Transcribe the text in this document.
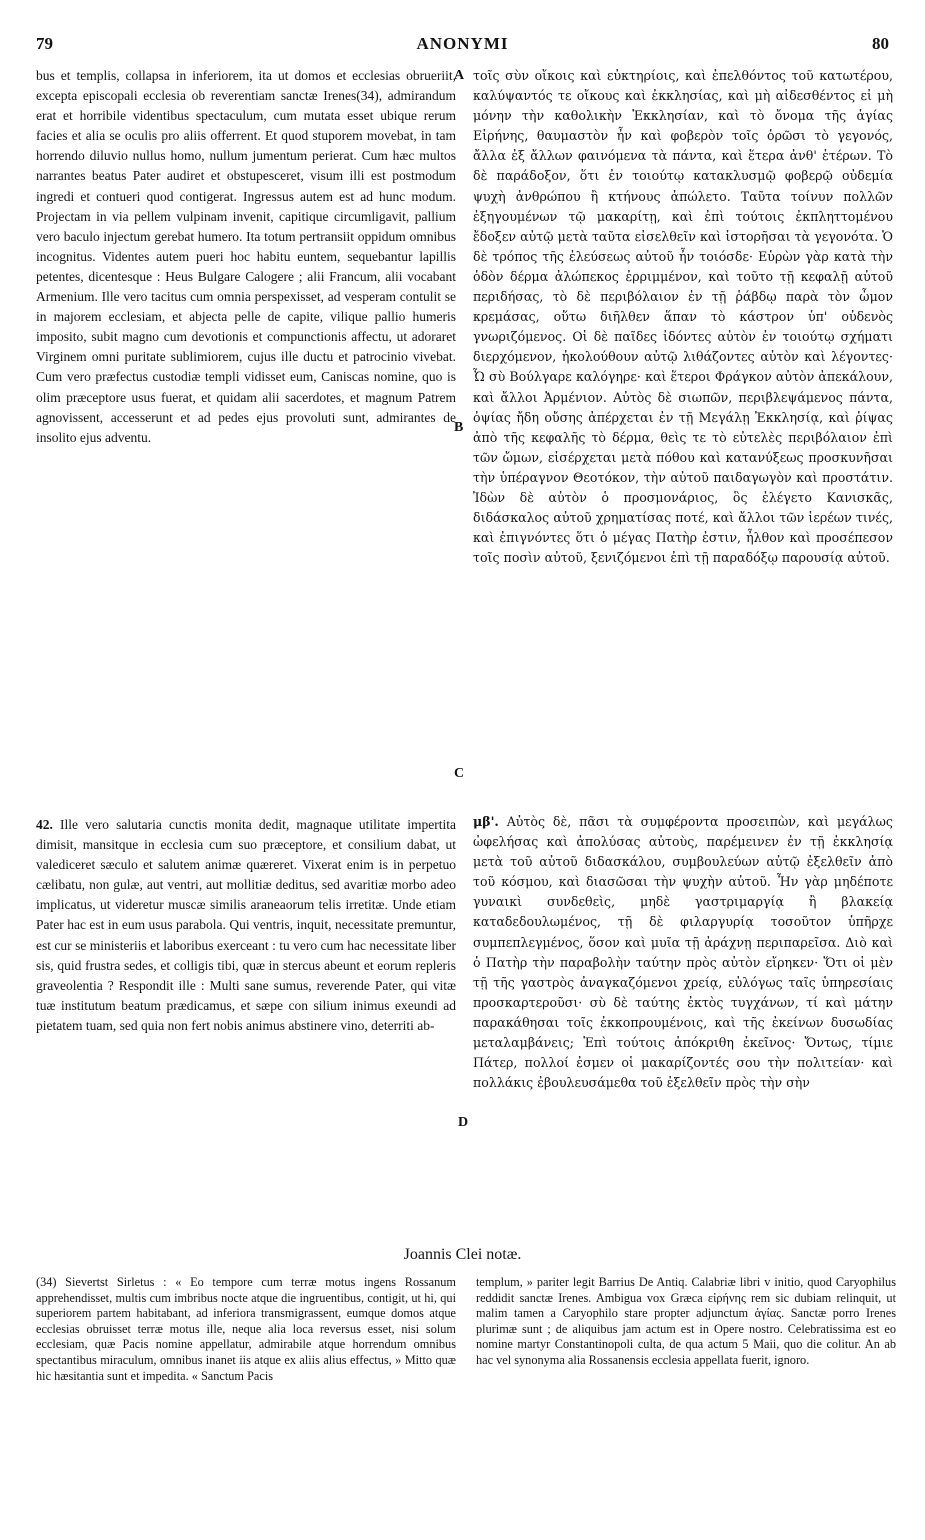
79	ANONYMI	80

bus et templis, collapsa in inferiorem, ita ut domos et ecclesias obrueriit, excepta episcopali ecclesia ob reverentiam sanctæ Irenes(34), admirandum erat et horribile videntibus spectaculum, cum mutata esset ubique rerum facies et alia se oculis pro aliis offerrent. Et quod stuporem movebat, in tam horrendo diluvio nullus homo, nullum jumentum perierat. Cum hæc multos narrantes beatus Pater audiret et obstupesceret, visum illi est postmodum ingredi et contueri quod contigerat. Ingressus autem est ad hunc modum. Projectam in via pellem vulpinam invenit, capitique circumligavit, pallium vero baculo injectum gerebat humero. Ita totum pertransiit oppidum omnibus incognitus. Videntes autem pueri hoc habitu euntem, sequebantur lapillis petentes, dicentesque : Heus Bulgare Calogere ; alii Francum, alii vocabant Armenium. Ille vero tacitus cum omnia perspexisset, ad vesperam contulit se in majorem ecclesiam, et abjecta pelle de capite, vilique pallio humeris imposito, subit magno cum devotionis et compunctionis affectu, ut adoraret Virginem omni puritate sublimiorem, cujus ille ductu et patrocinio vivebat. Cum vero præfectus custodiæ templi vidisset eum, Caniscas nomine, quo is olim præceptore usus fuerat, et quidam alii sacerdotes, et magnum Patrem agnovissent, accesserunt et ad pedes ejus provoluti sunt, admirantes de insolito ejus adventu.

A
B
C
D

τοῖς σὺν οἴκοις καὶ εὐκτηρίοις, καὶ ἐπελθόντος τοῦ κατωτέρου, καλύψαντός τε οἴκους καὶ ἐκκλησίας, καὶ μὴ αἰδεσθέντος εἰ μὴ μόνην τὴν καθολικὴν Ἐκκλησίαν, καὶ τὸ ὄνομα τῆς ἁγίας Εἰρήνης, θαυμαστὸν ἦν καὶ φοβερὸν τοῖς ὁρῶσι τὸ γεγονός, ἄλλα ἐξ ἄλλων φαινόμενα τὰ πάντα, καὶ ἕτερα ἀνθ' ἑτέρων. Τὸ δὲ παράδοξον, ὅτι ἐν τοιούτῳ κατακλυσμῷ φοβερῷ οὐδεμία ψυχὴ ἀνθρώπου ἢ κτήνους ἀπώλετο. Ταῦτα τοίνυν πολλῶν ἐξηγουμένων τῷ μακαρίτῃ, καὶ ἐπὶ τούτοις ἐκπληττομένου ἔδοξεν αὐτῷ μετὰ ταῦτα εἰσελθεῖν καὶ ἱστορῆσαι τὰ γεγονότα. Ὁ δὲ τρόπος τῆς ἐλεύσεως αὐτοῦ ἦν τοιόσδε· Εὑρὼν γὰρ κατὰ τὴν ὁδὸν δέρμα ἀλώπεκος ἐρριμμένον, καὶ τοῦτο τῇ κεφαλῇ αὐτοῦ περιδήσας, τὸ δὲ περιβόλαιον ἐν τῇ ῥάβδῳ παρὰ τὸν ὦμον κρεμάσας, οὕτω διῆλθεν ἅπαν τὸ κάστρον ὑπ' οὐδενὸς γνωριζόμενος. Οἱ δὲ παῖδες ἰδόντες αὐτὸν ἐν τοιούτῳ σχήματι διερχόμενον, ἠκολούθουν αὐτῷ λιθάζοντες αὐτὸν καὶ λέγοντες· Ὦ σὺ Βούλγαρε καλόγηρε· καὶ ἕτεροι Φράγκον αὐτὸν ἀπεκάλουν, καὶ ἄλλοι Ἀρμένιον. Αὐτὸς δὲ σιωπῶν, περιβλεψάμενος πάντα, ὀψίας ἤδη οὔσης ἀπέρχεται ἐν τῇ Μεγάλῃ Ἐκκλησίᾳ, καὶ ῥίψας ἀπὸ τῆς κεφαλῆς τὸ δέρμα, θεὶς τε τὸ εὐτελὲς περιβόλαιον ἐπὶ τῶν ὤμων, εἰσέρχεται μετὰ πόθου καὶ κατανύξεως προσκυνῆσαι τὴν ὑπέραγνον Θεοτόκον, τὴν αὐτοῦ παιδαγωγὸν καὶ προστάτιν. Ἰδὼν δὲ αὐτὸν ὁ προσμονάριος, ὃς ἐλέγετο Κανισκᾶς, διδάσκαλος αὐτοῦ χρηματίσας ποτέ, καὶ ἄλλοι τῶν ἱερέων τινές, καὶ ἐπιγνόντες ὅτι ὁ μέγας Πατὴρ ἐστιν, ἦλθον καὶ προσέπεσον τοῖς ποσὶν αὐτοῦ, ξενιζόμενοι ἐπὶ τῇ παραδόξῳ παρουσίᾳ αὐτοῦ.

42. Ille vero salutaria cunctis monita dedit, magnaque utilitate impertita dimisit, mansitque in ecclesia cum suo præceptore, et consilium dabat, ut valediceret sæculo et salutem animæ quæreret. Vixerat enim is in perpetuo cælibatu, non gulæ, aut ventri, aut mollitiæ deditus, sed avaritiæ morbo adeo implicatus, ut videretur muscæ similis araneaorum telis irretitæ. Unde etiam Pater hac est in eum usus parabola. Qui ventris, inquit, necessitate premuntur, est cur se ministeriis et laboribus exerceant : tu vero cum hac necessitate liber sis, quid frustra sedes, et colligis tibi, quæ in stercus abeunt et eorum repleris graveolentia ? Respondit ille : Multi sane sumus, reverende Pater, qui vitæ tuæ institutum beatum prædicamus, et sæpe con silium inimus exeundi ad pietatem tuam, sed quia non fert nobis animus abstinere vino, deterriti ab-

μβ'. Αὐτὸς δὲ, πᾶσι τὰ συμφέροντα προσειπὼν, καὶ μεγάλως ὠφελήσας καὶ ἀπολύσας αὐτοὺς, παρέμεινεν ἐν τῇ ἐκκλησίᾳ μετὰ τοῦ αὐτοῦ διδασκάλου, συμβουλεύων αὐτῷ ἐξελθεῖν ἀπὸ τοῦ κόσμου, καὶ διασῶσαι τὴν ψυχὴν αὐτοῦ. Ἦν γὰρ μηδέποτε γυναικὶ συνδεθεὶς, μηδὲ γαστριμαργίᾳ ἢ βλακείᾳ καταδεδουλωμένος, τῇ δὲ φιλαργυρίᾳ τοσοῦτον ὑπῆρχε συμπεπλεγμένος, ὅσον καὶ μυῖα τῇ ἀράχνῃ περιπαρεῖσα. Διὸ καὶ ὁ Πατὴρ τὴν παραβολὴν ταύτην πρὸς αὐτὸν εἴρηκεν· Ὅτι οἱ μὲν τῇ τῆς γαστρὸς ἀναγκαζόμενοι χρείᾳ, εὐλόγως ταῖς ὑπηρεσίαις προσκαρτεροῦσι· σὺ δὲ ταύτης ἐκτὸς τυγχάνων, τί καὶ μάτην παρακάθησαι τοῖς ἐκκοπρουμένοις, καὶ τῆς ἐκείνων δυσωδίας μεταλαμβάνεις; Ἐπὶ τούτοις ἀπόκριθη ἐκεῖνος· Ὄντως, τίμιε Πάτερ, πολλοί ἐσμεν οἱ μακαρίζοντές σου τὴν πολιτείαν· καὶ πολλάκις ἐβουλευσάμεθα τοῦ ἐξελθεῖν πρὸς τὴν σὴν

Joannis Clei notæ.
(34) Sievertst Sirletus : « Eo tempore cum terræ motus ingens Rossanum apprehendisset, multis cum imbribus nocte atque die ingruentibus, contigit, ut hi, qui superiorem partem habitabant, ad inferiora transmigrassent, eumque domos atque ecclesias obruisset terræ motus ille, neque alia loca reversus esset, nisi solum ecclesiam, quæ Pacis nomine appellatur, admirabile atque horrendum omnibus spectantibus miraculum, omnibus inanet iis atque ex aliis alius effectus, » Mitto quæ hic hæsitantia sunt et impedita. « Sanctum Pacis
templum, » pariter legit Barrius De Antiq. Calabriæ libri v initio, quod Caryophilus reddidit sanctæ Irenes. Ambigua vox Græca εἰρήνης rem sic dubiam relinquit, ut malim tamen a Caryophilo stare propter adjunctum ἁγίας. Sanctæ porro Irenes plurimæ sunt ; de aliquibus jam actum est in Opere nostro. Celebratissima est eo nomine martyr Constantinopoli culta, de qua actum 5 Maii, quo die colitur. An ab hac vel synonyma alia Rossanensis ecclesia appellata fuerit, ignoro.
